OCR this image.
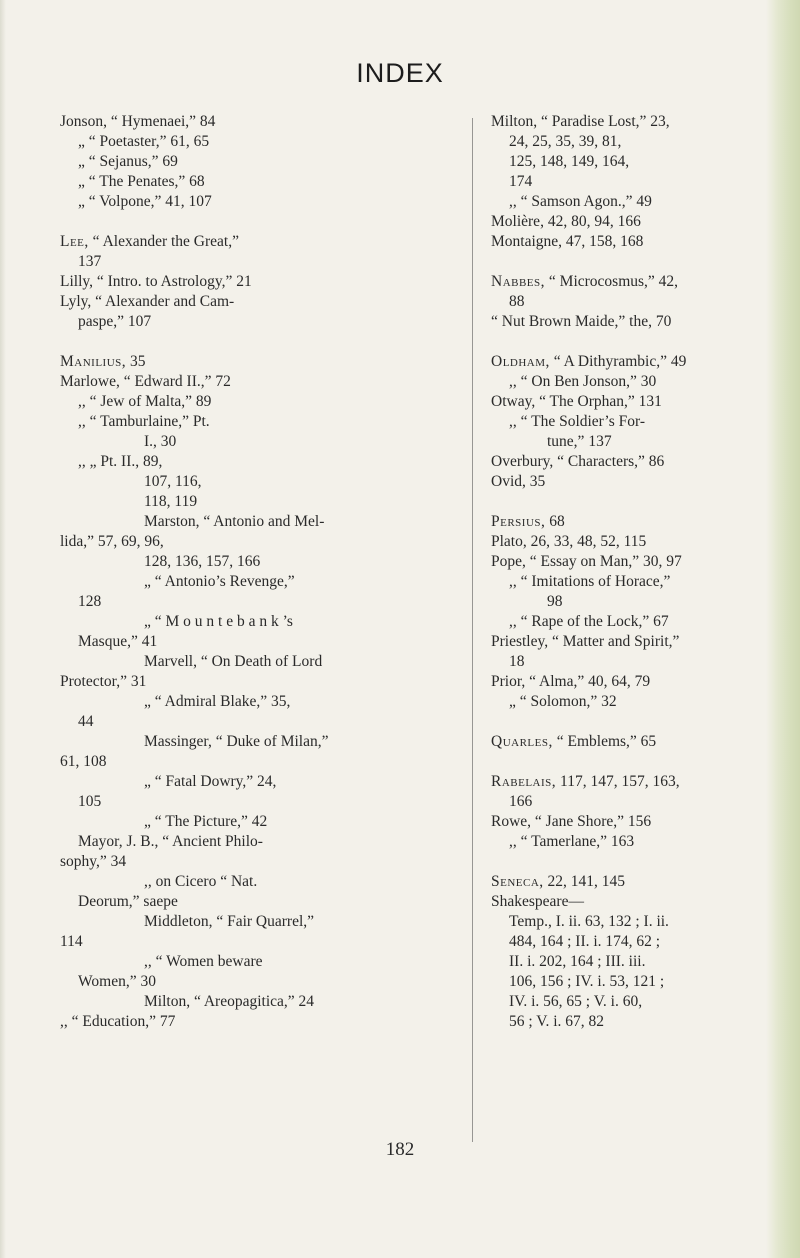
INDEX
Jonson, “ Hymenaei,” 84
„ “ Poetaster,” 61, 65
„ “ Sejanus,” 69
„ “ The Penates,” 68
„ “ Volpone,” 41, 107
Lee, “ Alexander the Great,”
137
Lilly, “ Intro. to Astrology,” 21
Lyly, “ Alexander and Cam-
paspe,” 107
Manilius, 35
Marlowe, “ Edward II.,” 72
,, “ Jew of Malta,” 89
,, “ Tamburlaine,” Pt.
I., 30
,, „ Pt. II., 89,
107, 116,
118, 119
Marston, “ Antonio and Mel-
lida,” 57, 69, 96,
128, 136, 157, 166
„ “ Antonio’s Revenge,”
128
„ “ M o u n t e b a n k ’s
Masque,” 41
Marvell, “ On Death of Lord
Protector,” 31
„ “ Admiral Blake,” 35,
44
Massinger, “ Duke of Milan,”
61, 108
„ “ Fatal Dowry,” 24,
105
„ “ The Picture,” 42
Mayor, J. B., “ Ancient Philo-
sophy,” 34
,, on Cicero “ Nat.
Deorum,” saepe
Middleton, “ Fair Quarrel,”
114
,, “ Women beware
Women,” 30
Milton, “ Areopagitica,” 24
,, “ Education,” 77
Milton, “ Paradise Lost,” 23,
24, 25, 35, 39, 81,
125, 148, 149, 164,
174
,, “ Samson Agon.,” 49
Molière, 42, 80, 94, 166
Montaigne, 47, 158, 168
Nabbes, “ Microcosmus,” 42,
88
“ Nut Brown Maide,” the, 70
Oldham, “ A Dithyrambic,” 49
,, “ On Ben Jonson,” 30
Otway, “ The Orphan,” 131
,, “ The Soldier’s For-
tune,” 137
Overbury, “ Characters,” 86
Ovid, 35
Persius, 68
Plato, 26, 33, 48, 52, 115
Pope, “ Essay on Man,” 30, 97
,, “ Imitations of Horace,”
98
,, “ Rape of the Lock,” 67
Priestley, “ Matter and Spirit,”
18
Prior, “ Alma,” 40, 64, 79
„ “ Solomon,” 32
Quarles, “ Emblems,” 65
Rabelais, 117, 147, 157, 163,
166
Rowe, “ Jane Shore,” 156
,, “ Tamerlane,” 163
Seneca, 22, 141, 145
Shakespeare—
Temp., I. ii. 63, 132 ; I. ii.
484, 164 ; II. i. 174, 62 ;
II. i. 202, 164 ; III. iii.
106, 156 ; IV. i. 53, 121 ;
IV. i. 56, 65 ; V. i. 60,
56 ; V. i. 67, 82
182
